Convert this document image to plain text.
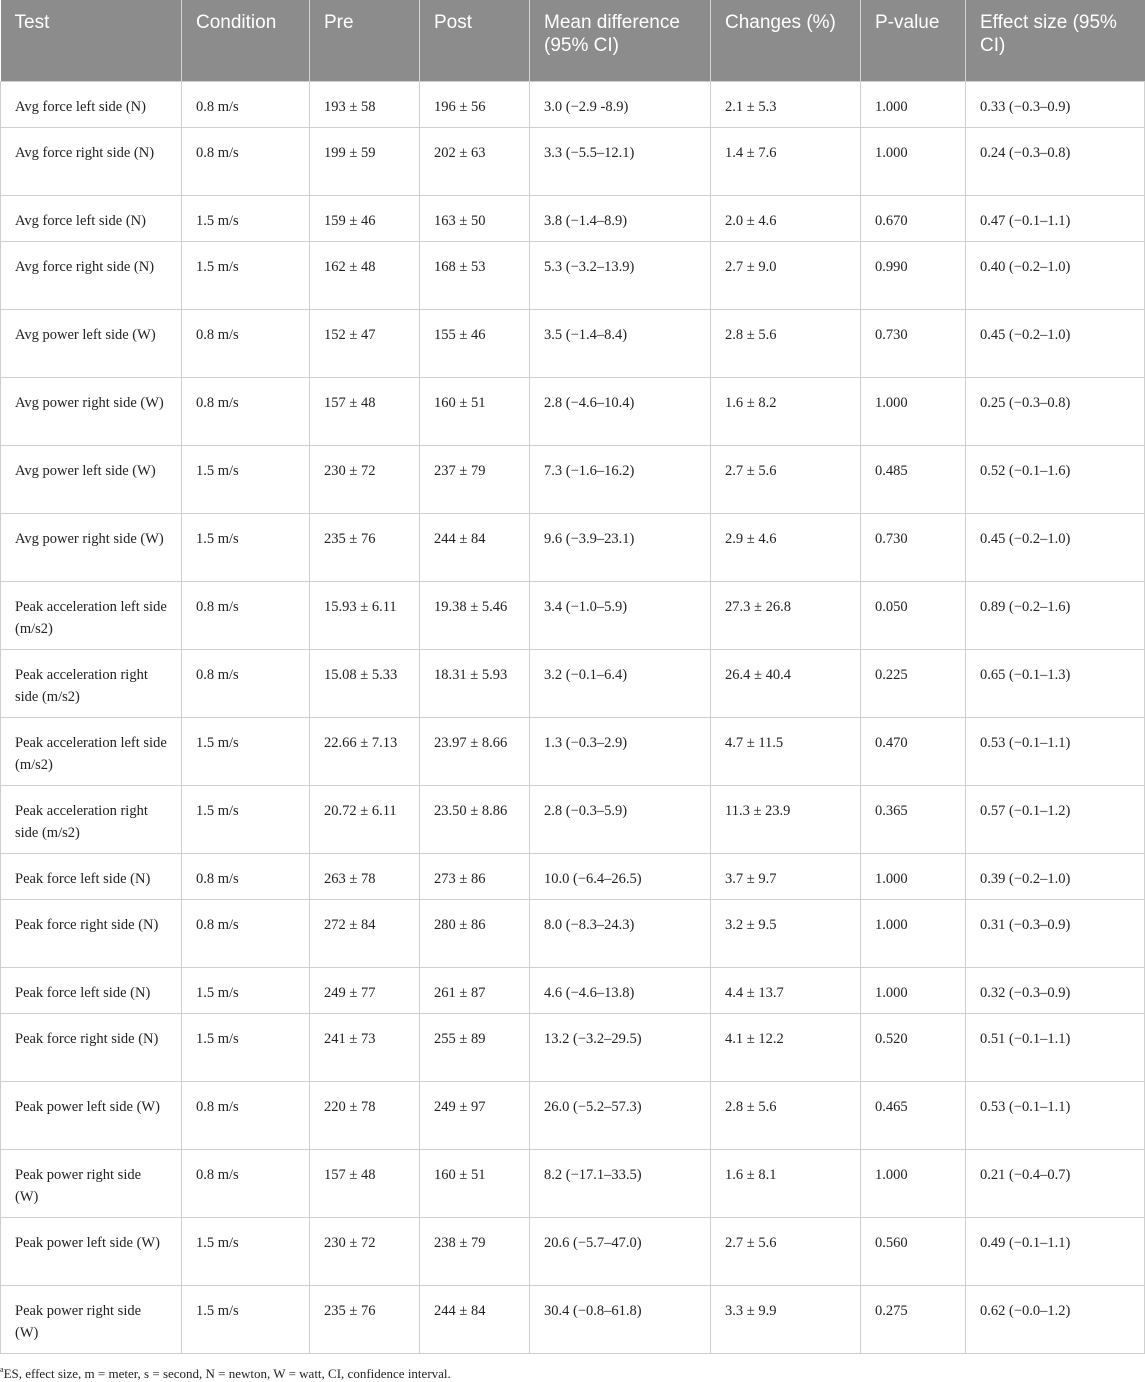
Test	Condition	Pre	Post	Mean difference (95% CI)	Changes (%)	P-value	Effect size (95% CI)
Avg force left side (N)	0.8 m/s	193 ± 58	196 ± 56	3.0 (−2.9 -8.9)	2.1 ± 5.3	1.000	0.33 (−0.3–0.9)
Avg force right side (N)	0.8 m/s	199 ± 59	202 ± 63	3.3 (−5.5–12.1)	1.4 ± 7.6	1.000	0.24 (−0.3–0.8)
Avg force left side (N)	1.5 m/s	159 ± 46	163 ± 50	3.8 (−1.4–8.9)	2.0 ± 4.6	0.670	0.47 (−0.1–1.1)
Avg force right side (N)	1.5 m/s	162 ± 48	168 ± 53	5.3 (−3.2–13.9)	2.7 ± 9.0	0.990	0.40 (−0.2–1.0)
Avg power left side (W)	0.8 m/s	152 ± 47	155 ± 46	3.5 (−1.4–8.4)	2.8 ± 5.6	0.730	0.45 (−0.2–1.0)
Avg power right side (W)	0.8 m/s	157 ± 48	160 ± 51	2.8 (−4.6–10.4)	1.6 ± 8.2	1.000	0.25 (−0.3–0.8)
Avg power left side (W)	1.5 m/s	230 ± 72	237 ± 79	7.3 (−1.6–16.2)	2.7 ± 5.6	0.485	0.52 (−0.1–1.6)
Avg power right side (W)	1.5 m/s	235 ± 76	244 ± 84	9.6 (−3.9–23.1)	2.9 ± 4.6	0.730	0.45 (−0.2–1.0)
Peak acceleration left side (m/s2)	0.8 m/s	15.93 ± 6.11	19.38 ± 5.46	3.4 (−1.0–5.9)	27.3 ± 26.8	0.050	0.89 (−0.2–1.6)
Peak acceleration right side (m/s2)	0.8 m/s	15.08 ± 5.33	18.31 ± 5.93	3.2 (−0.1–6.4)	26.4 ± 40.4	0.225	0.65 (−0.1–1.3)
Peak acceleration left side (m/s2)	1.5 m/s	22.66 ± 7.13	23.97 ± 8.66	1.3 (−0.3–2.9)	4.7 ± 11.5	0.470	0.53 (−0.1–1.1)
Peak acceleration right side (m/s2)	1.5 m/s	20.72 ± 6.11	23.50 ± 8.86	2.8 (−0.3–5.9)	11.3 ± 23.9	0.365	0.57 (−0.1–1.2)
Peak force left side (N)	0.8 m/s	263 ± 78	273 ± 86	10.0 (−6.4–26.5)	3.7 ± 9.7	1.000	0.39 (−0.2–1.0)
Peak force right side (N)	0.8 m/s	272 ± 84	280 ± 86	8.0 (−8.3–24.3)	3.2 ± 9.5	1.000	0.31 (−0.3–0.9)
Peak force left side (N)	1.5 m/s	249 ± 77	261 ± 87	4.6 (−4.6–13.8)	4.4 ± 13.7	1.000	0.32 (−0.3–0.9)
Peak force right side (N)	1.5 m/s	241 ± 73	255 ± 89	13.2 (−3.2–29.5)	4.1 ± 12.2	0.520	0.51 (−0.1–1.1)
Peak power left side (W)	0.8 m/s	220 ± 78	249 ± 97	26.0 (−5.2–57.3)	2.8 ± 5.6	0.465	0.53 (−0.1–1.1)
Peak power right side (W)	0.8 m/s	157 ± 48	160 ± 51	8.2 (−17.1–33.5)	1.6 ± 8.1	1.000	0.21 (−0.4–0.7)
Peak power left side (W)	1.5 m/s	230 ± 72	238 ± 79	20.6 (−5.7–47.0)	2.7 ± 5.6	0.560	0.49 (−0.1–1.1)
Peak power right side (W)	1.5 m/s	235 ± 76	244 ± 84	30.4 (−0.8–61.8)	3.3 ± 9.9	0.275	0.62 (−0.0–1.2)
$^a$ES, effect size, m = meter, s = second, N = newton, W = watt, CI, confidence interval.
